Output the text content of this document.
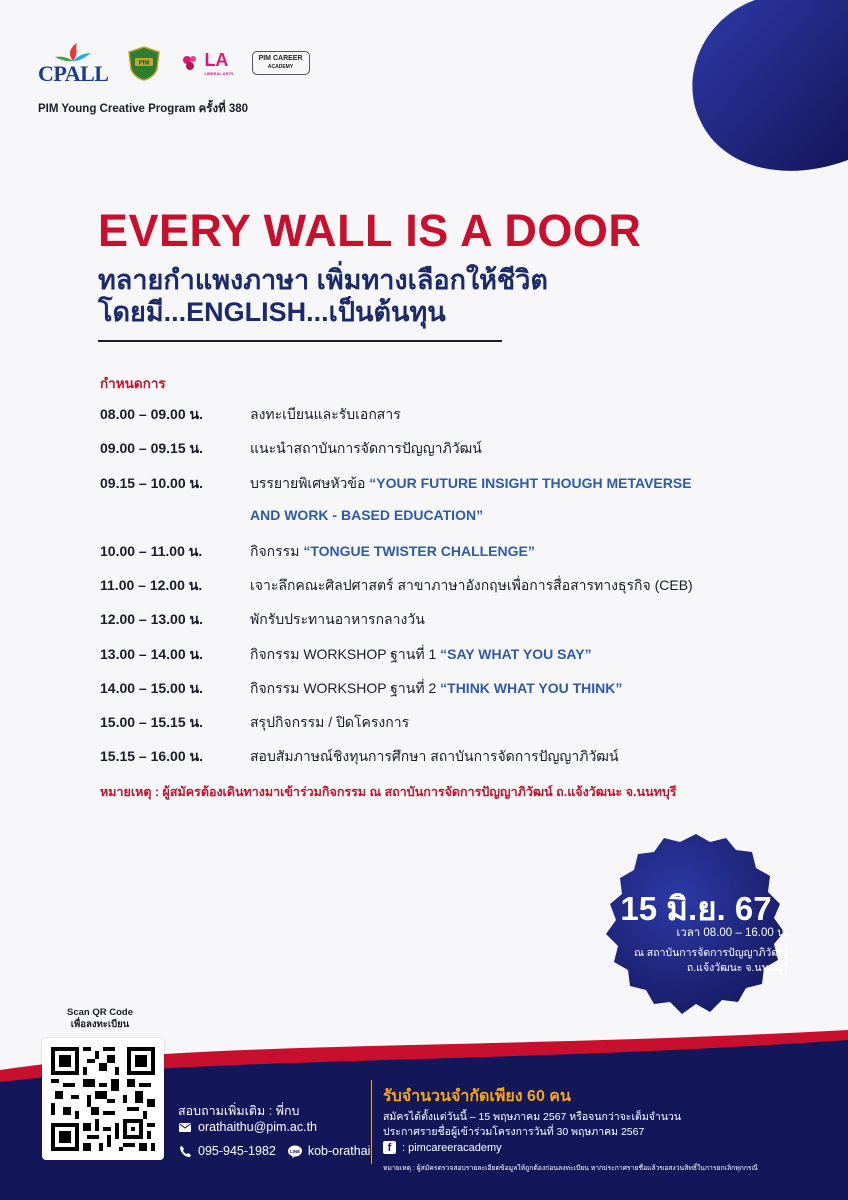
CPALL	PIM	LA
LIBERAL ARTS
PIM CAREER
ACADEMY
PIM Young Creative Program ครั้งที่ 380
EVERY WALL IS A DOOR
ทลายกำแพงภาษา เพิ่มทางเลือกให้ชีวิต
โดยมี...ENGLISH...เป็นต้นทุน
กำหนดการ
08.00 – 09.00 น.	ลงทะเบียนและรับเอกสาร
09.00 – 09.15 น.	แนะนำสถาบันการจัดการปัญญาภิวัฒน์
09.15 – 10.00 น.	บรรยายพิเศษหัวข้อ “YOUR FUTURE INSIGHT THOUGH METAVERSE
AND WORK - BASED EDUCATION”
10.00 – 11.00 น.	กิจกรรม “TONGUE TWISTER CHALLENGE”
11.00 – 12.00 น.	เจาะลึกคณะศิลปศาสตร์ สาขาภาษาอังกฤษเพื่อการสื่อสารทางธุรกิจ (CEB)
12.00 – 13.00 น.	พักรับประทานอาหารกลางวัน
13.00 – 14.00 น.	กิจกรรม WORKSHOP ฐานที่ 1 “SAY WHAT YOU SAY”
14.00 – 15.00 น.	กิจกรรม WORKSHOP ฐานที่ 2 “THINK WHAT YOU THINK”
15.00 – 15.15 น.	สรุปกิจกรรม / ปิดโครงการ
15.15 – 16.00 น.	สอบสัมภาษณ์ชิงทุนการศึกษา สถาบันการจัดการปัญญาภิวัฒน์
หมายเหตุ : ผู้สมัครต้องเดินทางมาเข้าร่วมกิจกรรม ณ สถาบันการจัดการปัญญาภิวัฒน์ ถ.แจ้งวัฒนะ จ.นนทบุรี
15 มิ.ย. 67
เวลา 08.00 – 16.00 น.
ณ สถาบันการจัดการปัญญาภิวัฒน์
ถ.แจ้งวัฒนะ จ.นนทบุรี
Scan QR Code
เพื่อลงทะเบียน
สอบถามเพิ่มเติม : พี่กบ
orathaithu@pim.ac.th
095-945-1982	LINE kob-orathai
รับจำนวนจำกัดเพียง 60 คน
สมัครได้ตั้งแต่วันนี้ – 15 พฤษภาคม 2567 หรือจนกว่าจะเต็มจำนวน
ประกาศรายชื่อผู้เข้าร่วมโครงการวันที่ 30 พฤษภาคม 2567
f : pimcareeracademy
หมายเหตุ : ผู้สมัครตรวจสอบรายละเอียดข้อมูลให้ถูกต้องก่อนลงทะเบียน หากประกาศรายชื่อแล้วขอสงวนสิทธิ์ในการยกเลิกทุกกรณี
